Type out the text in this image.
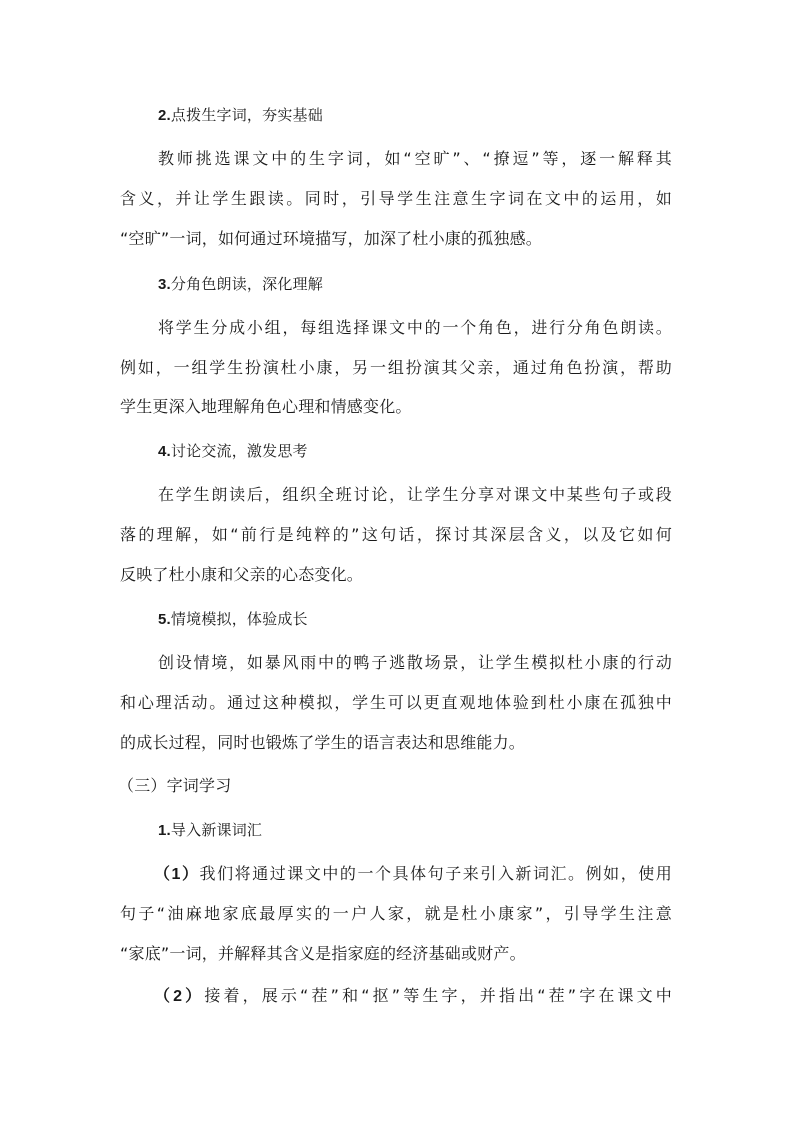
2.点拨生字词，夯实基础
教师挑选课文中的生字词，如“空旷”、“撩逗”等，逐一解释其
含义，并让学生跟读。同时，引导学生注意生字词在文中的运用，如
“空旷”一词，如何通过环境描写，加深了杜小康的孤独感。
3.分角色朗读，深化理解
将学生分成小组，每组选择课文中的一个角色，进行分角色朗读。
例如，一组学生扮演杜小康，另一组扮演其父亲，通过角色扮演，帮助
学生更深入地理解角色心理和情感变化。
4.讨论交流，激发思考
在学生朗读后，组织全班讨论，让学生分享对课文中某些句子或段
落的理解，如“前行是纯粹的”这句话，探讨其深层含义，以及它如何
反映了杜小康和父亲的心态变化。
5.情境模拟，体验成长
创设情境，如暴风雨中的鸭子逃散场景，让学生模拟杜小康的行动
和心理活动。通过这种模拟，学生可以更直观地体验到杜小康在孤独中
的成长过程，同时也锻炼了学生的语言表达和思维能力。
（三）字词学习
1.导入新课词汇
（1）我们将通过课文中的一个具体句子来引入新词汇。例如，使用
句子“油麻地家底最厚实的一户人家，就是杜小康家”，引导学生注意
“家底”一词，并解释其含义是指家庭的经济基础或财产。
（2）接着，展示“茬”和“抠”等生字，并指出“茬”字在课文中
